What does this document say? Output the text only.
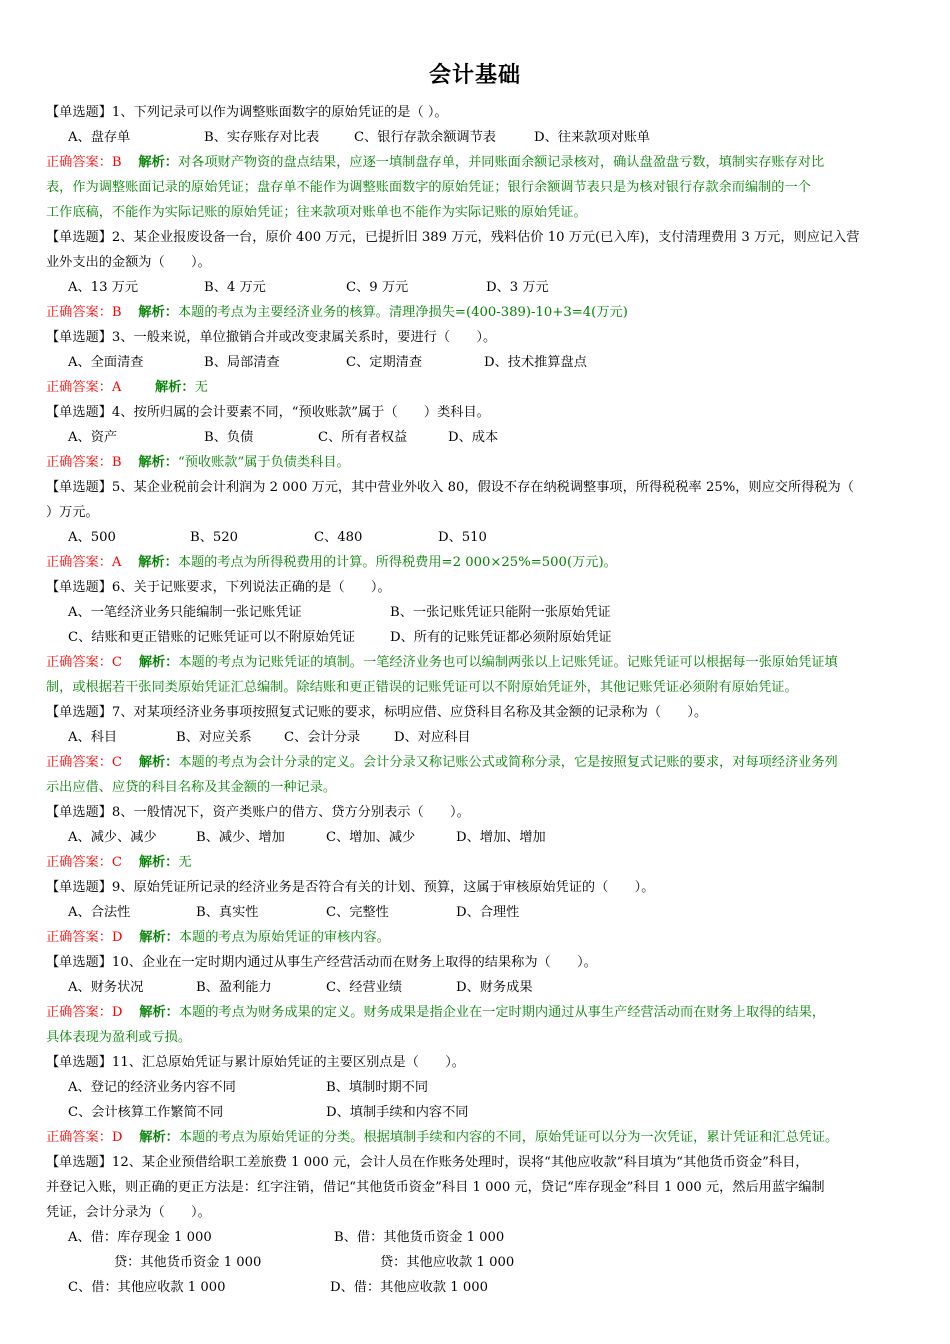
会计基础
【单选题】1、下列记录可以作为调整账面数字的原始凭证的是（ ）。
A、盘存单	B、实存账存对比表	C、银行存款余额调节表	D、往来款项对账单
正确答案：B 解析：对各项财产物资的盘点结果，应逐一填制盘存单，并同账面余额记录核对，确认盘盈盘亏数，填制实存账存对比
表，作为调整账面记录的原始凭证；盘存单不能作为调整账面数字的原始凭证；银行余额调节表只是为核对银行存款余而编制的一个
工作底稿，不能作为实际记账的原始凭证；往来款项对账单也不能作为实际记账的原始凭证。
【单选题】2、某企业报废设备一台，原价 400 万元，已提折旧 389 万元，残料估价 10 万元(已入库)，支付清理费用 3 万元，则应记入营
业外支出的金额为（　　）。
A、13 万元	B、4 万元	C、9 万元	D、3 万元
正确答案：B 解析：本题的考点为主要经济业务的核算。清理净损失=(400-389)-10+3=4(万元)
【单选题】3、一般来说，单位撤销合并或改变隶属关系时，要进行（　　）。
A、全面清查	B、局部清查	C、定期清查	D、技术推算盘点
正确答案：A	解析：无
【单选题】4、按所归属的会计要素不同，“预收账款”属于（　　）类科目。
A、资产	B、负债	C、所有者权益	D、成本
正确答案：B 解析：“预收账款”属于负债类科目。
【单选题】5、某企业税前会计利润为 2 000 万元，其中营业外收入 80，假设不存在纳税调整事项，所得税税率 25%，则应交所得税为（
）万元。
A、500	B、520	C、480	D、510
正确答案：A 解析：本题的考点为所得税费用的计算。所得税费用=2 000×25%=500(万元)。
【单选题】6、关于记账要求，下列说法正确的是（　　）。
A、一笔经济业务只能编制一张记账凭证	B、一张记账凭证只能附一张原始凭证
C、结账和更正错账的记账凭证可以不附原始凭证	D、所有的记账凭证都必须附原始凭证
正确答案：C 解析：本题的考点为记账凭证的填制。一笔经济业务也可以编制两张以上记账凭证。记账凭证可以根据每一张原始凭证填
制，或根据若干张同类原始凭证汇总编制。除结账和更正错误的记账凭证可以不附原始凭证外，其他记账凭证必须附有原始凭证。
【单选题】7、对某项经济业务事项按照复式记账的要求，标明应借、应贷科目名称及其金额的记录称为（　　）。
A、科目	B、对应关系 C、会计分录	D、对应科目
正确答案：C 解析：本题的考点为会计分录的定义。会计分录又称记账公式或简称分录，它是按照复式记账的要求，对每项经济业务列
示出应借、应贷的科目名称及其金额的一种记录。
【单选题】8、一般情况下，资产类账户的借方、贷方分别表示（　　）。
A、减少、减少	B、减少、增加	C、增加、减少	D、增加、增加
正确答案：C 解析：无
【单选题】9、原始凭证所记录的经济业务是否符合有关的计划、预算，这属于审核原始凭证的（　　）。
A、合法性	B、真实性	C、完整性	D、合理性
正确答案：D 解析：本题的考点为原始凭证的审核内容。
【单选题】10、企业在一定时期内通过从事生产经营活动而在财务上取得的结果称为（　　）。
A、财务状况	B、盈利能力	C、经营业绩	D、财务成果
正确答案：D 解析：本题的考点为财务成果的定义。财务成果是指企业在一定时期内通过从事生产经营活动而在财务上取得的结果，
具体表现为盈利或亏损。
【单选题】11、汇总原始凭证与累计原始凭证的主要区别点是（　　）。
A、登记的经济业务内容不同	B、填制时期不同
C、会计核算工作繁简不同	D、填制手续和内容不同
正确答案：D 解析：本题的考点为原始凭证的分类。根据填制手续和内容的不同，原始凭证可以分为一次凭证，累计凭证和汇总凭证。
【单选题】12、某企业预借给职工差旅费 1 000 元，会计人员在作账务处理时，误将“其他应收款”科目填为“其他货币资金”科目，
并登记入账，则正确的更正方法是：红字注销，借记“其他货币资金”科目 1 000 元，贷记“库存现金”科目 1 000 元，然后用蓝字编制
凭证，会计分录为（　　）。
A、借：库存现金 1 000	B、借：其他货币资金 1 000
贷：其他货币资金 1 000	贷：其他应收款 1 000
C、借：其他应收款 1 000	D、借：其他应收款 1 000
